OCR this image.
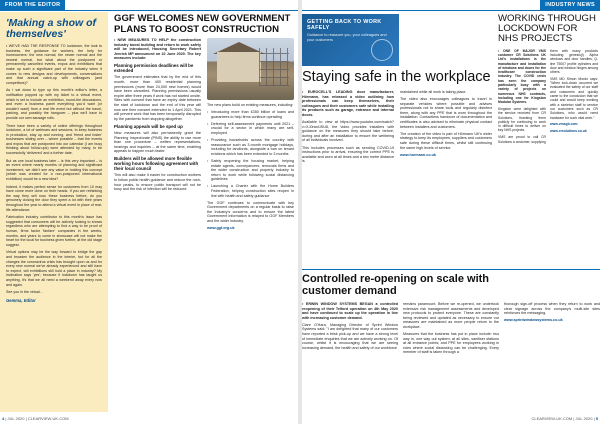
FROM THE EDITOR
'Making a show of themselves'

• WE'VE HAD THE RESPONSE TO lockdown, the look to business, the guidance for workers, the help for homeowners: the new normal, the newer normal and the newest normal, but what about the postponed or permanently cancelled events, expos and exhibitions that make up such a significant part of the industry when it comes to new designs and developments, conversations and that annual catch-up with colleagues (and competitors)?

As I sat down to type up this month's editor's letter, a notification popped up with my ticket to a virtual event, which is set to include an exhibition, round-the discussions, and even a business panel everything you'd want (or wouldn't want) from a real life event but without the travel, parking, and possibly the hangover – plus we'll have to provide our own sausage rolls.

There have been a variety of online offerings throughout lockdown, a lot of webinars and sessions, to keep business in production, stay up and running, and 'friend and foster' businesses sliding over – where possible – that the events and expos that are postponed into our calendar (I am busy thinking about follow-ups) were attended by many, to be successfully 'delivered' and a further date.

But as one local business later – is this very important – is an event where nearly months of planning and significant investment, we didn't see any value in holding this concept (which was created for a non-postponed international exhibition) would be a new idea?

Indeed, it makes perfect sense for customers from 10 may have come more done on their heads. If you are rethinking the way they sell now, these business before, do you genuinely closing the door they spent a lot with their years throughout the year to attend a virtual event in place of real-life attendance.

Fabrication industry contributor to this month's issue has suggested that consumers will be actively looking to shows regardless who are attempting to find a way to be proof of human, firms factor 'fanfare' companies in the weeks, months, and years to come in showcase will not make the heart for the local for business given further, at the old stage suggest.

Virtual options may be the way forward to bridge the gap and broaden the audience in the interim, but for all the changes the coronavirus crisis has brought upon us and for every new normal we've already experienced and still have to expect, will exhibitions still hold a place in industry? My inclination says 'yes'; because if lockdown has taught us anything, it's that we all need a weekend away every now and again.

See you in the virtual...

Gemma, Editor

GGF WELCOMES NEW GOVERNMENT PLANS TO BOOST CONSTRUCTION

• NEW MEASURES TO HELP the construction industry boost building and return to work safely will be introduced, Housing Secretary Robert Jenrick MP announced on 22 June 2020. The key measures include:

Planning permission deadlines will be extended

The government estimates that by the end of this month, more than 400 residential planning permissions (more than 24,000 new homes) would have been cancelled. Planning permissions usually expire after three years if work has not started onsite. Sites with consent that have an expiry date between the start of lockdown and the end of this year will now see their consent extended to 1 April 2021. This will prevent work that has been temporarily disrupted by the pandemic from stopping altogether.

Planning appeals will be sped up

New measures will also permanently grant the Planning Inspectorate (PINS) the ability to use more than one procedure – written representations, hearings and inquiries – at the same time, enabling appeals to happen much faster.

Builders will be allowed more flexible working hours following agreement with their local council

This will also make it easier for construction workers to follow public health guidance and reduce the rush-hour peaks, to ensure public transport will not be busy and the risk of infection will be reduced.

The new plans build on existing measures, including:

• Introducing more than £350 billion of loans and guarantees to help firms continue operating
• Deferring self-assessment payments until 2021 – crucial for a sector in which many are self-employed
• Providing households across the country with reassurance such as 3-month mortgage holidays, including for landlords, alongside a ban on tenant evictions which has been extended to 3 months
• Safely reopening the housing market, helping estate agents, conveyancers, removals firms and the wider construction and property industry to return to work while following social distancing guidelines
• Launching a Charter with the Home Builders Federation, helping construction sites reopen in line with health and safety guidance

The GGF continues to communicate with key Government departments on a regular basis to raise the Industry's concerns and to ensure the latest Government information is relayed to GGF Members and the wider industry.

www.ggf.org.uk

4 | JUL 2020 | CLEARVIEW-UK.COM
INDUSTRY NEWS
GETTING BACK TO WORK SAFELY
Guidance to reassure you, your colleagues and your customers
Staying safe in the workplace

• EUROCELL'S LEADING door manufacturer, Hörmann, has released a video outlining how professionals can keep themselves, their colleagues and their customers safe while installing its products such as garage, entrance and internal doors.

Available to view at https://www.youtube.com/watch?v=X-i0ran1lSU8, the video provides installers with guidance on the measures they should take before, during and after an installation to ensure the wellbeing of all individuals involved.

This includes processes such as sending COVID-19 instructions prior to arrival, ensuring the correct PPE is available and worn at all times and a two metre distance is

maintained while all work is taking place.

The video also encourages colleagues to travel in separate vehicles where possible and advises professionals not to share tools and regularly disinfect them, along with any PPE that is worn throughout the installation. Contactless handover of documentation and certificates is also advised to eliminate physical contact between installers and customers.

The creation of the video is part of Hörmann UK's wider strategy to keep its employees, suppliers and customers safe during these difficult times, whilst still continuing the same high levels of service.

www.hormann.co.uk

WORKING THROUGH LOCKDOWN FOR NHS PROJECTS

• ONE OF MAJOR VMS customer CR Solutions UK Ltd's installations is the manufacture and installation of windows and doors for the healthcare construction industry. The COVID crisis has seen the company particularly busy with a variety of projects on numerous NHS contracts, including one for Kingston Modular Systems.

Kingston were delighted with the service received from CR Solutions, thanking them publicly for continuing to work in difficult times to deliver on key NHS projects.

VMS are proud to call CR Solutions a customer, supplying

them with many products including genesis(i) Alpha windows and door handles, Q-line T5007 profile cylinders and door and window hinges among others.

VMS MD Simon Mordo says: "When lock-down occurred we evaluated the safety of our staff and customers and quickly came to the conclusion that we could and would keep working with a skeleton staff to service our customers such as CR Solutions, who would need hardware for such vital work."

www.vmsgb.com

www.crsolutions.co.uk

Controlled re-opening on scale with customer demand

• ERWIN WINDOW SYSTEMS BEGAN a controlled reopening of their Telford operation on 4th May 2020 and have continued to scale up the operation in line with increasing customer demand.

Clare O'Hara, Managing Director of Sprint Window Systems said: "I am delighted that many of our customers have reported a brisk pick-up and we have a strong level of immediate enquiries that we are actively working on. Of course, whilst it is encouraging that we are seeing increasing demand, the health and safety of our workforce

remains paramount. Before we re-opened, we undertook extensive risk management assessments and developed new protocols to protect everyone. These are constantly being reviewed and updated as necessary to ensure our measures are maintained as more people return to the workplace.

Measures that the business has put in place include: two way in, one way out system; at all sites, sanitiser stations at all entrance points; and PPE for employees working in roles where social distancing can be challenging. Every member of staff is taken through a

thorough sign-off process when they return to work and clear signage across the company's multi-site sites reinforces the messaging.

www.sprintwindowsystems.co.uk

CLEARVIEW-UK.COM | JUL 2020 | 5
